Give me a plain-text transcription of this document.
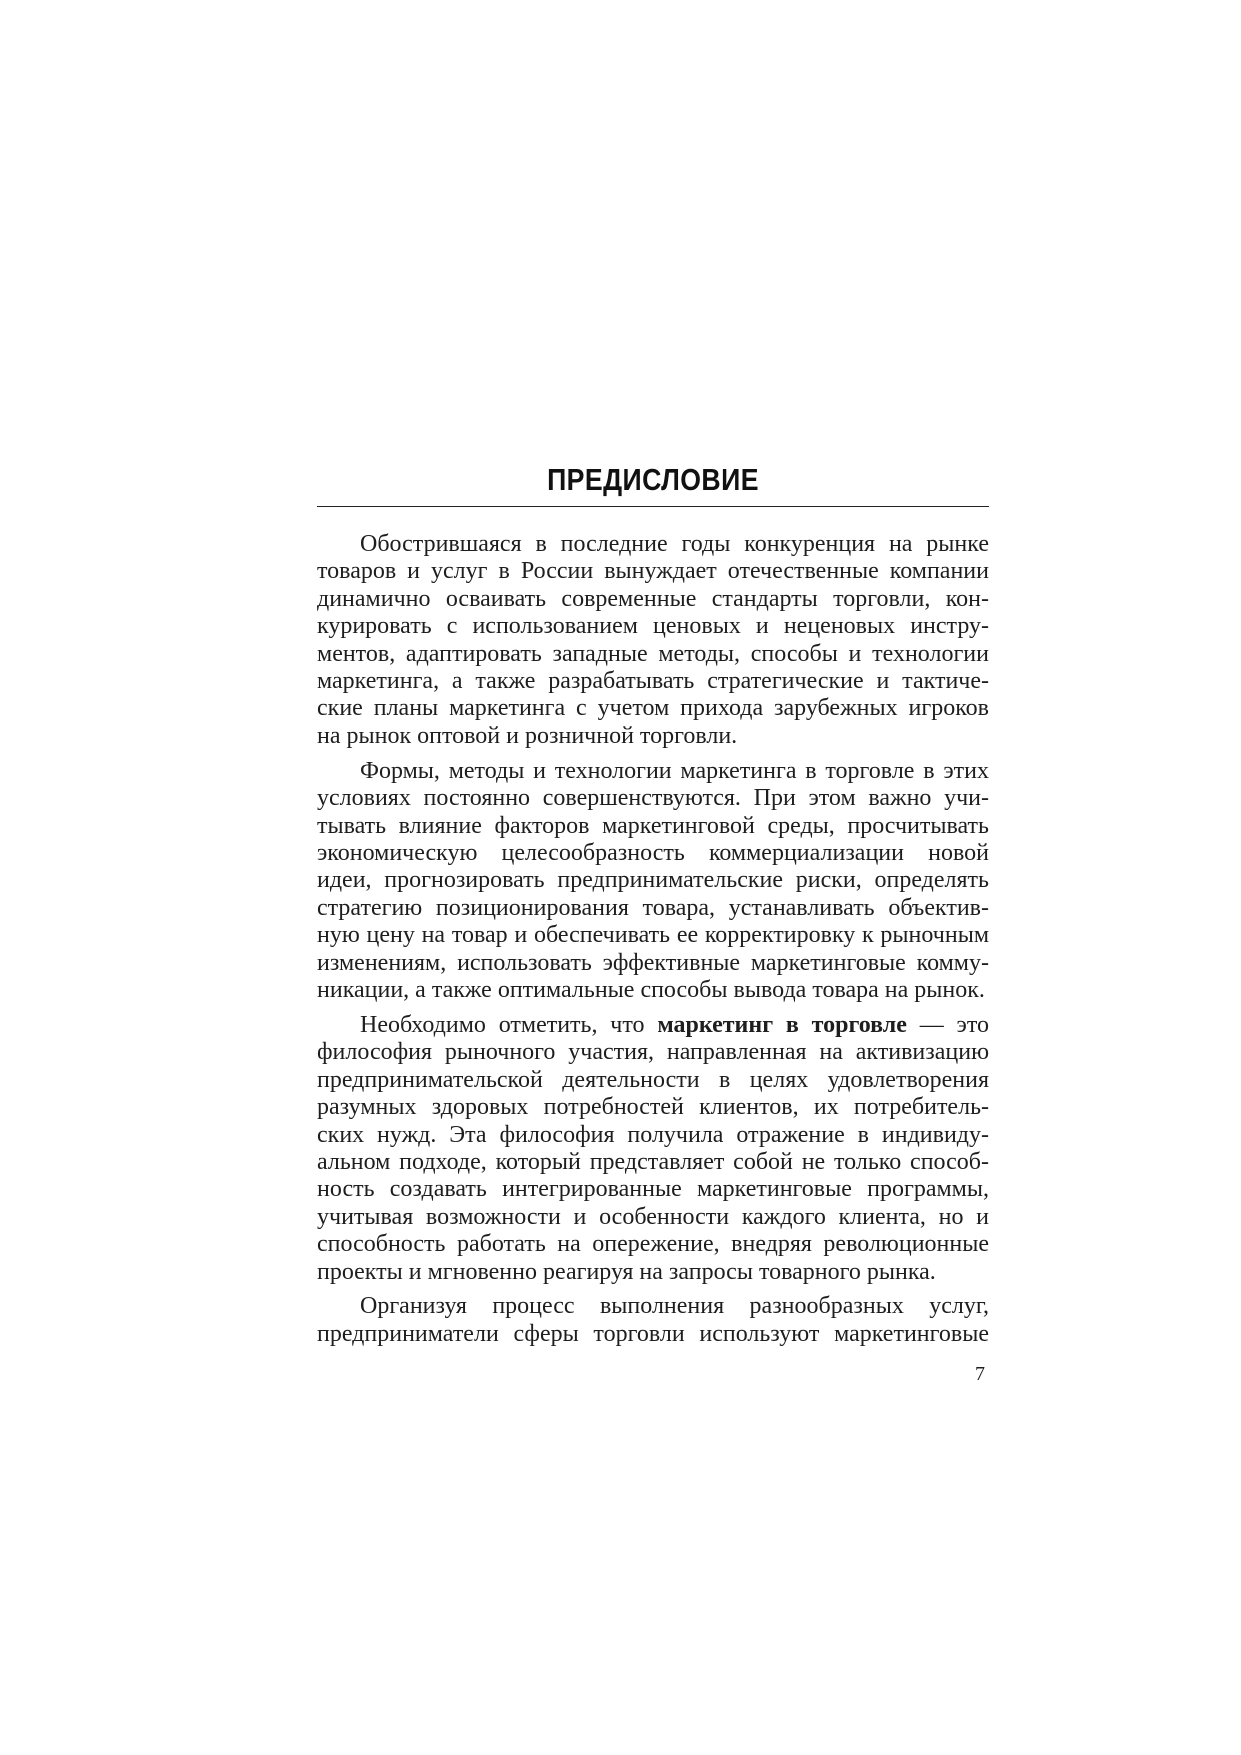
ПРЕДИСЛОВИЕ
Обострившаяся в последние годы конкуренция на рынке
товаров и услуг в России вынуждает отечественные компании
динамично осваивать современные стандарты торговли, кон-
курировать с использованием ценовых и неценовых инстру-
ментов, адаптировать западные методы, способы и технологии
маркетинга, а также разрабатывать стратегические и тактиче-
ские планы маркетинга с учетом прихода зарубежных игроков
на рынок оптовой и розничной торговли.
Формы, методы и технологии маркетинга в торговле в этих
условиях постоянно совершенствуются. При этом важно учи-
тывать влияние факторов маркетинговой среды, просчитывать
экономическую целесообразность коммерциализации новой
идеи, прогнозировать предпринимательские риски, определять
стратегию позиционирования товара, устанавливать объектив-
ную цену на товар и обеспечивать ее корректировку к рыночным
изменениям, использовать эффективные маркетинговые комму-
никации, а также оптимальные способы вывода товара на рынок.
Необходимо отметить, что маркетинг в торговле — это
философия рыночного участия, направленная на активизацию
предпринимательской деятельности в целях удовлетворения
разумных здоровых потребностей клиентов, их потребитель-
ских нужд. Эта философия получила отражение в индивиду-
альном подходе, который представляет собой не только способ-
ность создавать интегрированные маркетинговые программы,
учитывая возможности и особенности каждого клиента, но и
способность работать на опережение, внедряя революционные
проекты и мгновенно реагируя на запросы товарного рынка.
Организуя процесс выполнения разнообразных услуг,
предприниматели сферы торговли используют маркетинговые
7
